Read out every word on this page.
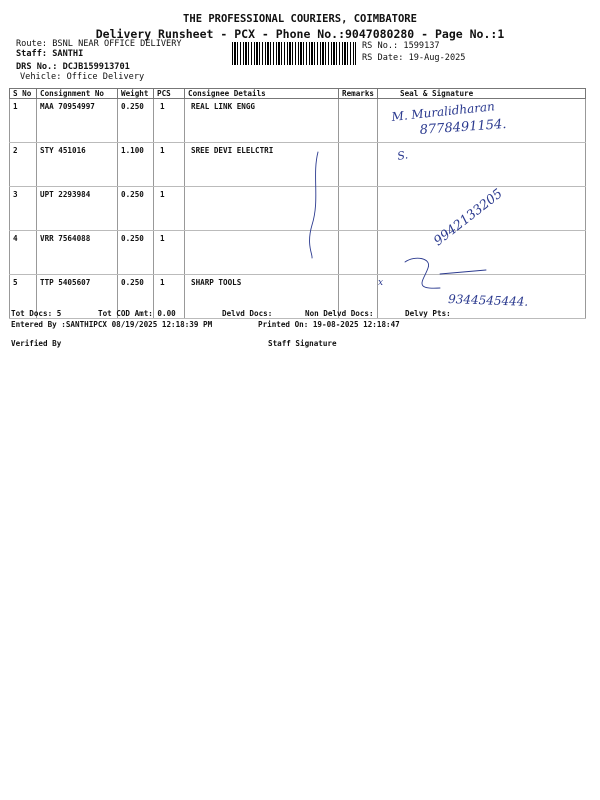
THE PROFESSIONAL COURIERS, COIMBATORE
Delivery Runsheet - PCX - Phone No.:9047080280 - Page No.:1
Route: BSNL NEAR OFFICE DELIVERY
Staff: SANTHI
DRS No.: DCJB159913701
Vehicle: Office Delivery
RS No.: 1599137
RS Date: 19-Aug-2025
S No	Consignment No	Weight	PCS	Consignee Details	Remarks	Seal & Signature
1	MAA 70954997	0.250	1	REAL LINK ENGG		
2	STY 451016	1.100	1	SREE DEVI ELELCTRI		
3	UPT 2293984	0.250	1			
4	VRR 7564088	0.250	1			
5	TTP 5405607	0.250	1	SHARP TOOLS		
M. Muralidharan
8778491154.
S.
9942133205
x
9344545444.
Tot Docs: 5	Tot COD Amt: 0.00	Delvd Docs:	Non Delvd Docs:	Delvy Pts:
Entered By :SANTHIPCX 08/19/2025 12:18:39 PM	Printed On: 19-08-2025 12:18:47
Verified By	Staff Signature
